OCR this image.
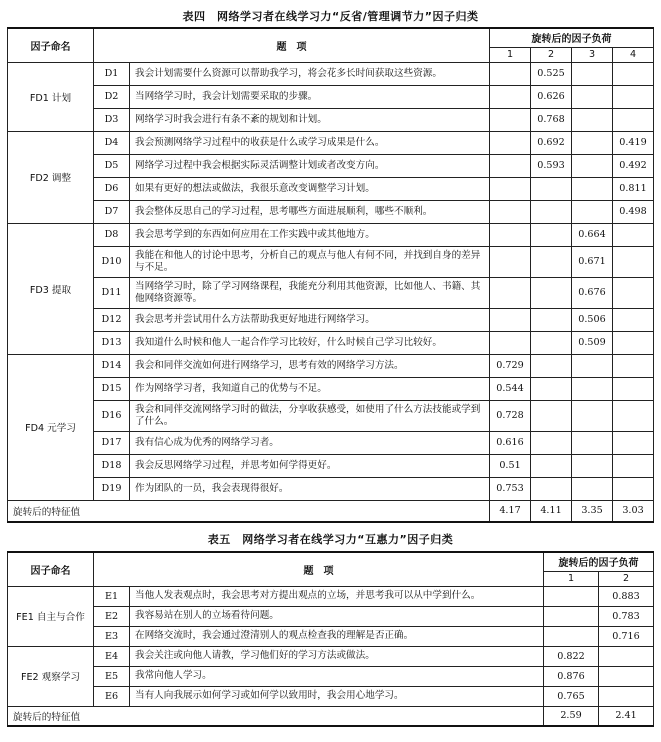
表四　网络学习者在线学习力“反省/管理调节力”因子归类
因子命名	题　项		旋转后的因子负荷			
			1	2	3	4
FD1 计划	D1	我会计划需要什么资源可以帮助我学习，将会花多长时间获取这些资源。		0.525		
	D2	当网络学习时，我会计划需要采取的步骤。		0.626		
	D3	网络学习时我会进行有条不紊的规划和计划。		0.768		
FD2 调整	D4	我会预测网络学习过程中的收获是什么或学习成果是什么。		0.692		0.419
	D5	网络学习过程中我会根据实际灵活调整计划或者改变方向。		0.593		0.492
	D6	如果有更好的想法或做法，我很乐意改变调整学习计划。				0.811
	D7	我会整体反思自己的学习过程，思考哪些方面进展顺利，哪些不顺利。				0.498
FD3 提取	D8	我会思考学到的东西如何应用在工作实践中或其他地方。			0.664	
	D10	我能在和他人的讨论中思考，分析自己的观点与他人有何不同，并找到自身的差异与不足。			0.671	
	D11	当网络学习时，除了学习网络课程，我能充分利用其他资源，比如他人、书籍、其他网络资源等。			0.676	
	D12	我会思考并尝试用什么方法帮助我更好地进行网络学习。			0.506	
	D13	我知道什么时候和他人一起合作学习比较好，什么时候自己学习比较好。			0.509	
FD4 元学习	D14	我会和同伴交流如何进行网络学习，思考有效的网络学习方法。	0.729			
	D15	作为网络学习者，我知道自己的优势与不足。	0.544			
	D16	我会和同伴交流网络学习时的做法，分享收获感受，如使用了什么方法技能或学到了什么。	0.728			
	D17	我有信心成为优秀的网络学习者。	0.616			
	D18	我会反思网络学习过程，并思考如何学得更好。	0.51			
	D19	作为团队的一员，我会表现得很好。	0.753			
旋转后的特征值			4.17	4.11	3.35	3.03
表五　网络学习者在线学习力“互惠力”因子归类
因子命名	题　项		旋转后的因子负荷	
			1	2
FE1 自主与合作	E1	当他人发表观点时，我会思考对方提出观点的立场，并思考我可以从中学到什么。		0.883
	E2	我容易站在别人的立场看待问题。		0.783
	E3	在网络交流时，我会通过澄清别人的观点检查我的理解是否正确。		0.716
FE2 观察学习	E4	我会关注或向他人请教，学习他们好的学习方法或做法。	0.822	
	E5	我常向他人学习。	0.876	
	E6	当有人向我展示如何学习或如何学以致用时，我会用心地学习。	0.765	
旋转后的特征值			2.59	2.41
